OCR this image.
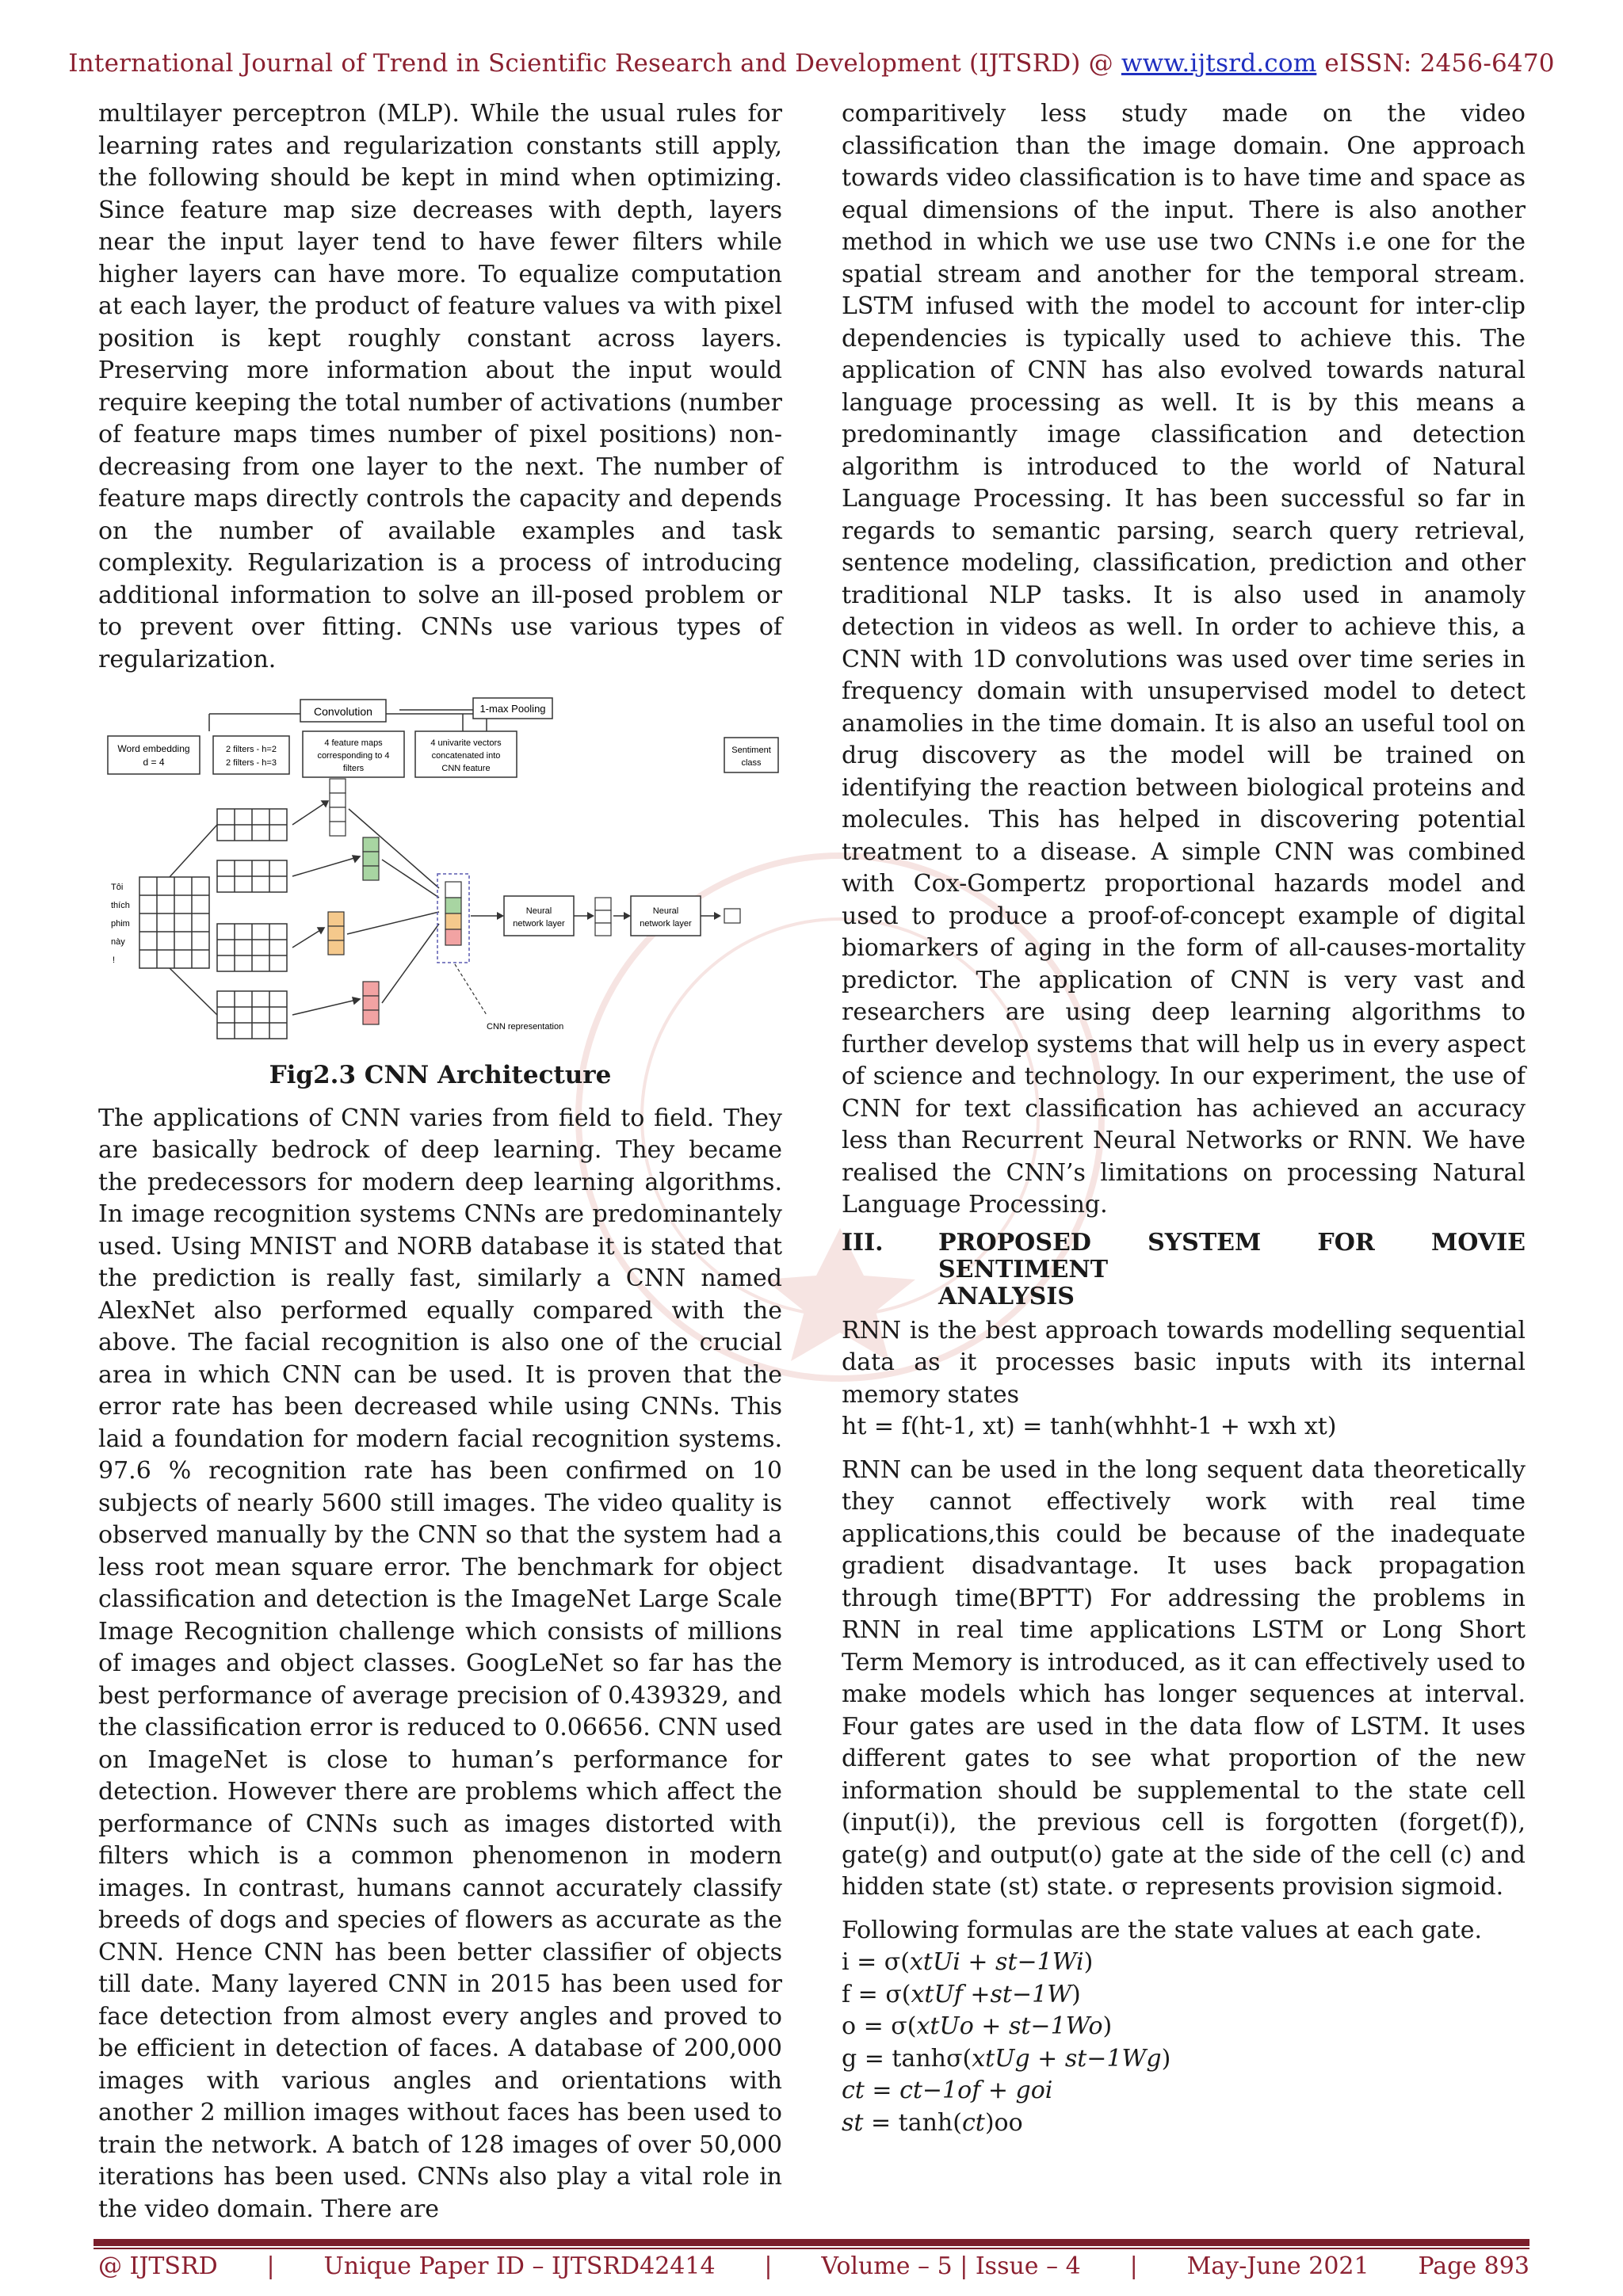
International Journal of Trend in Scientific Research and Development (IJTSRD) @ www.ijtsrd.com eISSN: 2456-6470

multilayer perceptron (MLP). While the usual rules for learning rates and regularization constants still apply, the following should be kept in mind when optimizing. Since feature map size decreases with depth, layers near the input layer tend to have fewer filters while higher layers can have more. To equalize computation at each layer, the product of feature values va with pixel position is kept roughly constant across layers. Preserving more information about the input would require keeping the total number of activations (number of feature maps times number of pixel positions) non-decreasing from one layer to the next. The number of feature maps directly controls the capacity and depends on the number of available examples and task complexity. Regularization is a process of introducing additional information to solve an ill-posed problem or to prevent over fitting. CNNs use various types of regularization.

Convolution	1-max Pooling
Word embedding
d = 4
2 filters - h=2
2 filters - h=3
4 feature maps
corresponding to 4
filters
4 univarite vectors
concatenated into
CNN feature
Sentiment
class
Tôi
thích
phim
này
!
CNN representation
Neural
network layer
Neural
network layer
Fig2.3 CNN Architecture

The applications of CNN varies from field to field. They are basically bedrock of deep learning. They became the predecessors for modern deep learning algorithms. In image recognition systems CNNs are predominantely used. Using MNIST and NORB database it is stated that the prediction is really fast, similarly a CNN named AlexNet also performed equally compared with the above. The facial recognition is also one of the crucial area in which CNN can be used. It is proven that the error rate has been decreased while using CNNs. This laid a foundation for modern facial recognition systems. 97.6 % recognition rate has been confirmed on 10 subjects of nearly 5600 still images. The video quality is observed manually by the CNN so that the system had a less root mean square error. The benchmark for object classification and detection is the ImageNet Large Scale Image Recognition challenge which consists of millions of images and object classes. GoogLeNet so far has the best performance of average precision of 0.439329, and the classification error is reduced to 0.06656. CNN used on ImageNet is close to human’s performance for detection. However there are problems which affect the performance of CNNs such as images distorted with filters which is a common phenomenon in modern images. In contrast, humans cannot accurately classify breeds of dogs and species of flowers as accurate as the CNN. Hence CNN has been better classifier of objects till date. Many layered CNN in 2015 has been used for face detection from almost every angles and proved to be efficient in detection of faces. A database of 200,000 images with various angles and orientations with another 2 million images without faces has been used to train the network. A batch of 128 images of over 50,000 iterations has been used. CNNs also play a vital role in the video domain. There are

comparitively less study made on the video classification than the image domain. One approach towards video classification is to have time and space as equal dimensions of the input. There is also another method in which we use use two CNNs i.e one for the spatial stream and another for the temporal stream. LSTM infused with the model to account for inter-clip dependencies is typically used to achieve this. The application of CNN has also evolved towards natural language processing as well. It is by this means a predominantly image classification and detection algorithm is introduced to the world of Natural Language Processing. It has been successful so far in regards to semantic parsing, search query retrieval, sentence modeling, classification, prediction and other traditional NLP tasks. It is also used in anamoly detection in videos as well. In order to achieve this, a CNN with 1D convolutions was used over time series in frequency domain with unsupervised model to detect anamolies in the time domain. It is also an useful tool on drug discovery as the model will be trained on identifying the reaction between biological proteins and molecules. This has helped in discovering potential treatment to a disease. A simple CNN was combined with Cox-Gompertz proportional hazards model and used to produce a proof-of-concept example of digital biomarkers of aging in the form of all-causes-mortality predictor. The application of CNN is very vast and researchers are using deep learning algorithms to further develop systems that will help us in every aspect of science and technology. In our experiment, the use of CNN for text classification has achieved an accuracy less than Recurrent Neural Networks or RNN. We have realised the CNN’s limitations on processing Natural Language Processing.

III.	PROPOSED SYSTEM FOR MOVIE SENTIMENT
ANALYSIS

RNN is the best approach towards modelling sequential data as it processes basic inputs with its internal memory states

ht = f(ht-1, xt) = tanh(whhht-1 + wxh xt)

RNN can be used in the long sequent data theoretically they cannot effectively work with real time applications,this could be because of the inadequate gradient disadvantage. It uses back propagation through time(BPTT) For addressing the problems in RNN in real time applications LSTM or Long Short Term Memory is introduced, as it can effectively used to make models which has longer sequences at interval. Four gates are used in the data flow of LSTM. It uses different gates to see what proportion of the new information should be supplemental to the state cell (input(i)), the previous cell is forgotten (forget(f)), gate(g) and output(o) gate at the side of the cell (c) and hidden state (st) state. σ represents provision sigmoid.

Following formulas are the state values at each gate.

i = σ(xtUi + st−1Wi)

f = σ(xtUf +st−1W)

o = σ(xtUo + st−1Wo)

g = tanhσ(xtUg + st−1Wg)

ct = ct−1of + goi

st = tanh(ct)oo

@ IJTSRD | Unique Paper ID – IJTSRD42414 | Volume – 5 | Issue – 4 | May-June 2021 Page 893
